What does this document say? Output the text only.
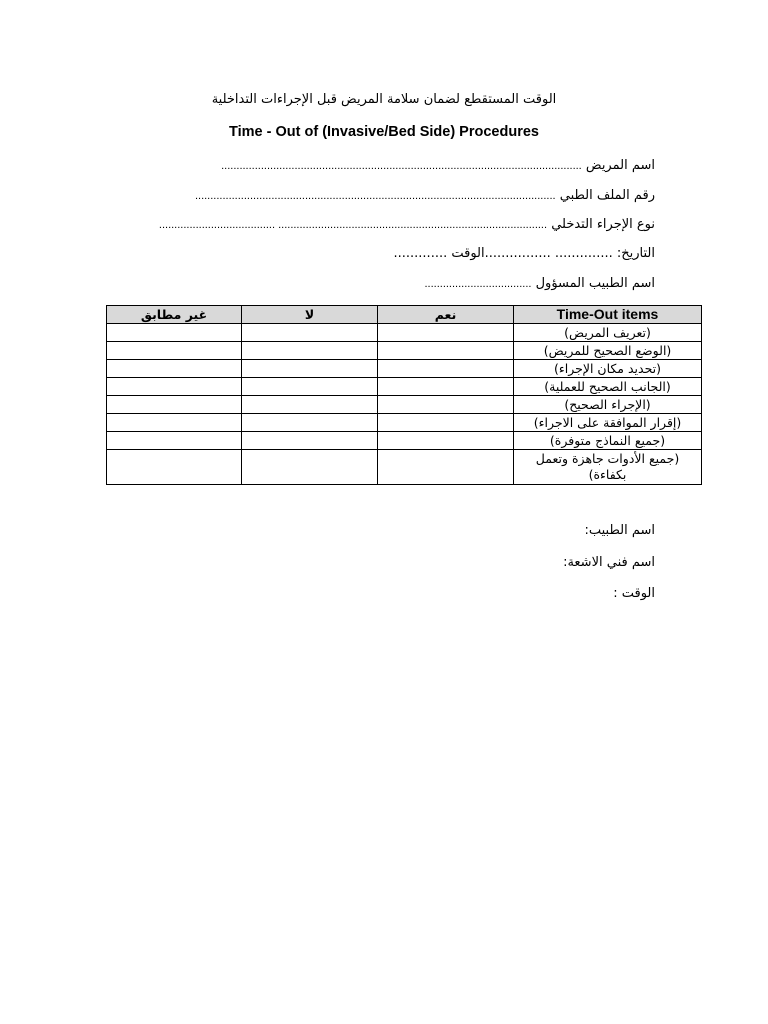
الوقت المستقطع لضمان سلامة المريض قبل الإجراءات التداخلية
Time - Out of (Invasive/Bed Side) Procedures
اسم المريض ......................................................................................................................
رقم الملف الطبي ......................................................................................................................
نوع الإجراء التدخلي ........................................................................................ ......................................
التاريخ: .............. ................الوقت .............
اسم الطبيب المسؤول ...................................
Time-Out items	نعم	لا	غير مطابق
(تعريف المريض)			
(الوضع الصحيح للمريض)			
(تحديد مكان الإجراء)			
(الجانب الصحيح للعملية)			
(الإجراء الصحيح)			
(إقرار الموافقة على الاجراء)			
(جميع النماذج متوفرة)			
(جميع الأدوات جاهزة وتعمل بكفاءة)			
اسم الطبيب:
اسم فني الاشعة:
الوقت :
